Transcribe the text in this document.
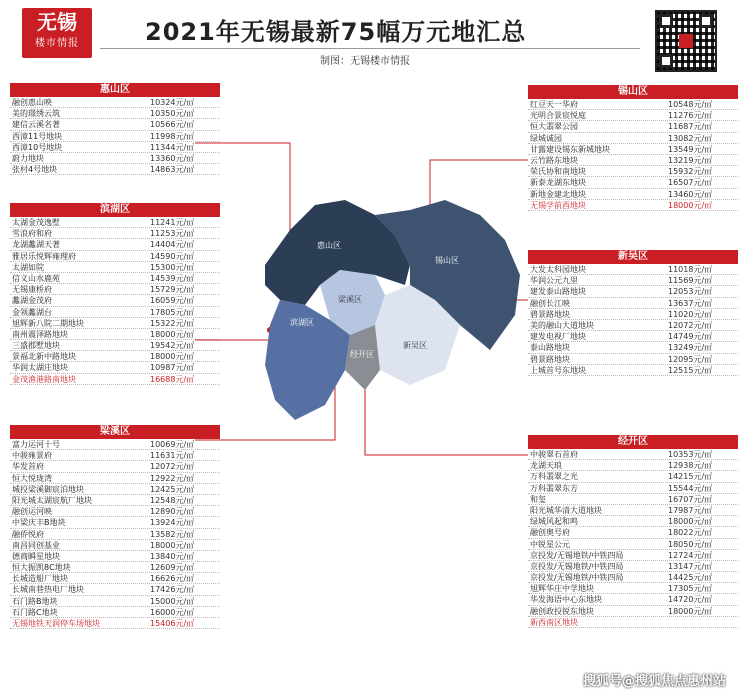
无锡
楼市情报	2021年无锡最新75幅万元地汇总
制图：无锡楼市情报
惠山区
融创惠山映	10324元/㎡
美的璟绣云筑	10350元/㎡
建信云溪名著	10566元/㎡
西漳11号地块	11998元/㎡
西漳10号地块	11344元/㎡
蔚力地块	13360元/㎡
张村4号地块	14863元/㎡
滨湖区
太湖金茂逸墅	11241元/㎡
雪浪府和府	11253元/㎡
龙湖蠡湖天著	14404元/㎡
雅居乐悦辉雍理府	14590元/㎡
太湖如院	15300元/㎡
信义山水鹿苑	14539元/㎡
无锡康桥府	15729元/㎡
蠡湖金茂府	16059元/㎡
金领蠡湖台	17805元/㎡
旭辉新八院二期地块	15322元/㎡
南州震泽路地块	18000元/㎡
三盛郡墅地块	19542元/㎡
景福北新中路地块	18000元/㎡
华润太湖庄地块	10987元/㎡
金茂渔港路南地块	16688元/㎡
梁溪区
富力运河十号	10069元/㎡
中骏雍景府	11631元/㎡
华发首府	12072元/㎡
恒大悦珑湾	12922元/㎡
城投梁溪御宸泊地块	12425元/㎡
阳光城太湖宸航厂地块	12548元/㎡
融创运河映	12890元/㎡
中梁庆丰B地块	13924元/㎡
融侨悦府	13582元/㎡
南昌同创基业	18000元/㎡
德商瞬星地块	13840元/㎡
恒大振凯8C地块	12609元/㎡
长城造船厂地块	16626元/㎡
长城南巷热电厂地块	17426元/㎡
石门路B地块	15000元/㎡
石门路C地块	16000元/㎡
无锡地铁天润停车场地块	15406元/㎡
锡山区
红豆天一华府	10548元/㎡
光明合景宸悦庭	11276元/㎡
恒大翡翠公园	11687元/㎡
绿城诚园	13082元/㎡
甘露建设锡东新城地块	13549元/㎡
云竹路东地块	13219元/㎡
荣氏协和南地块	15932元/㎡
新泰龙湖东地块	16507元/㎡
新地金建北地块	13460元/㎡
无锡学前西地块	18000元/㎡
新吴区
大发太科园地块	11018元/㎡
华润公元九里	11569元/㎡
建发泰山路地块	12053元/㎡
融创长江映	13637元/㎡
碧景路地块	11020元/㎡
美的融山大道地块	12072元/㎡
建发电视厂地块	14749元/㎡
泰山路地块	13249元/㎡
碧景路地块	12095元/㎡
上城首号东地块	12515元/㎡
经开区
中骏翠石首府	10353元/㎡
龙湖天琅	12938元/㎡
万科翡翠之光	14215元/㎡
万科翡翠东方	15544元/㎡
和玺	16707元/㎡
阳光城华清大道地块	17987元/㎡
绿城风起和鸣	18000元/㎡
融创奥号府	18022元/㎡
中锐星公元	18050元/㎡
京投发/无锡地铁/中铁四局	12724元/㎡
京投发/无锡地铁/中铁四局	13147元/㎡
京投发/无锡地铁/中铁四局	14425元/㎡
旭辉华庄中学地块	17305元/㎡
华发海语中心东地块	14720元/㎡
融创政投锐东地块	18000元/㎡
新西南区地块
惠山区
锡山区
梁溪区
滨湖区
新吴区
经开区
搜狐号@搜狐焦点惠州站
